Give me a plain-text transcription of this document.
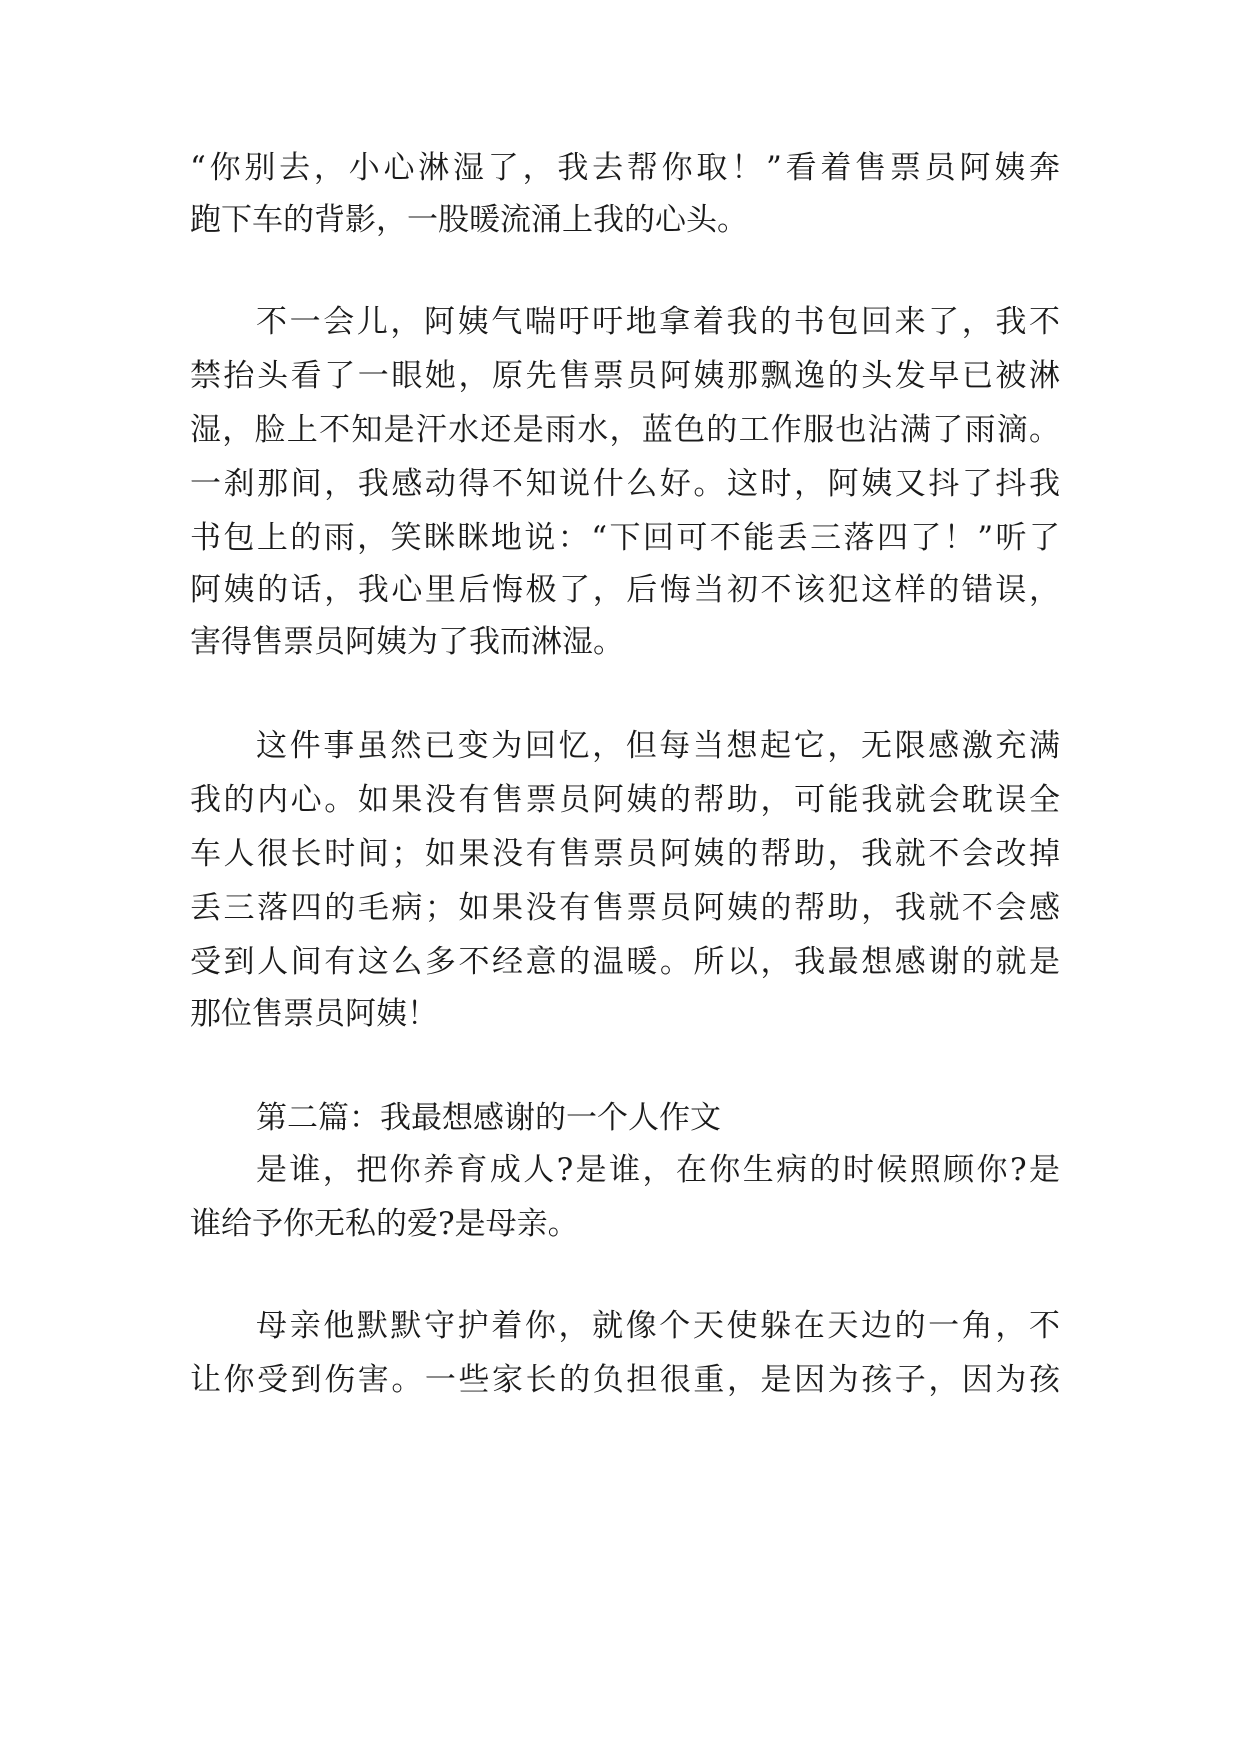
“你别去，小心淋湿了，我去帮你取！”看着售票员阿姨奔
跑下车的背影，一股暖流涌上我的心头。
不一会儿，阿姨气喘吁吁地拿着我的书包回来了，我不
禁抬头看了一眼她，原先售票员阿姨那飘逸的头发早已被淋
湿，脸上不知是汗水还是雨水，蓝色的工作服也沾满了雨滴。
一刹那间，我感动得不知说什么好。这时，阿姨又抖了抖我
书包上的雨，笑眯眯地说：“下回可不能丢三落四了！”听了
阿姨的话，我心里后悔极了，后悔当初不该犯这样的错误，
害得售票员阿姨为了我而淋湿。
这件事虽然已变为回忆，但每当想起它，无限感激充满
我的内心。如果没有售票员阿姨的帮助，可能我就会耽误全
车人很长时间；如果没有售票员阿姨的帮助，我就不会改掉
丢三落四的毛病；如果没有售票员阿姨的帮助，我就不会感
受到人间有这么多不经意的温暖。所以，我最想感谢的就是
那位售票员阿姨！
第二篇：我最想感谢的一个人作文
是谁，把你养育成人?是谁，在你生病的时候照顾你?是
谁给予你无私的爱?是母亲。
母亲他默默守护着你，就像个天使躲在天边的一角，不
让你受到伤害。一些家长的负担很重，是因为孩子，因为孩
